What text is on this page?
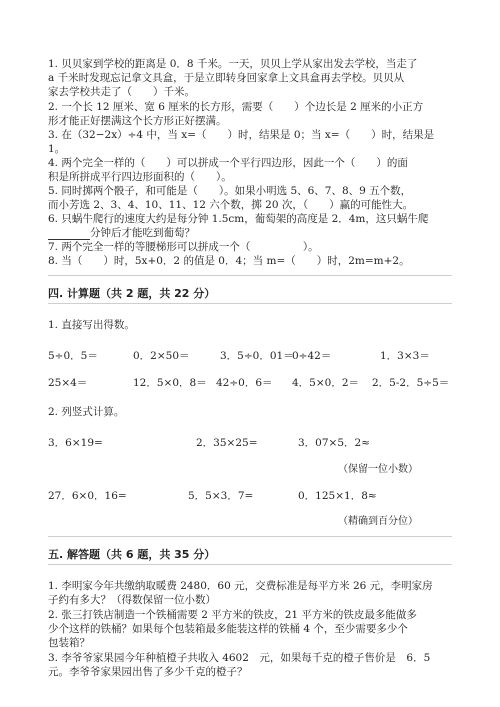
1. 贝贝家到学校的距离是 0．8 千米。一天，贝贝上学从家出发去学校，当走了
a 千米时发现忘记拿文具盒，于是立即转身回家拿上文具盒再去学校。贝贝从
家去学校共走了（　　）千米。
2. 一个长 12 厘米、宽 6 厘米的长方形，需要（　　）个边长是 2 厘米的小正方
形才能正好摆满这个长方形正好摆满。
3. 在（32−2x）÷4 中，当 x=（　　）时，结果是 0；当 x=（　　）时，结果是
1。
4. 两个完全一样的（　　）可以拼成一个平行四边形，因此一个（　　）的面
积是所拼成平行四边形面积的（　　）。
5. 同时掷两个骰子，和可能是（　　）。如果小明选 5、6、7、8、9 五个数，
而小芳选 2、3、4、10、11、12 六个数，掷 20 次，（　　）赢的可能性大。
6. 只蜗牛爬行的速度大约是每分钟 1.5cm，葡萄架的高度是 2．4m，这只蜗牛爬
　　　　分钟后才能吃到葡萄？
7. 两个完全一样的等腰梯形可以拼成一个（　　　　　）。
8. 当（　　）时，5x+0．2 的值是 0．4；当 m=（　　）时，2m=m+2。
四. 计算题（共 2 题，共 22 分）
1. 直接写出得数。
5÷0．5＝	0．2×50＝	3．5÷0．01＝
0÷42＝	1．3×3＝
25×4＝	12．5×0．8＝ 42÷0．6＝ 4．5×0．2＝ 2．5-2．5÷5＝
2. 列竖式计算。
3．6×19=	2．35×25=	3．07×5．2≈
（保留一位小数）
27．6×0．16=	5．5×3．7=	0．125×1．8≈
（精确到百分位）
五. 解答题（共 6 题，共 35 分）
1. 李明家今年共缴纳取暖费 2480．60 元，交费标准是每平方米 26 元，李明家房
子约有多大？（得数保留一位小数）
2. 张三打铁店制造一个铁桶需要 2 平方米的铁皮，21 平方米的铁皮最多能做多
少个这样的铁桶？如果每个包装箱最多能装这样的铁桶 4 个，至少需要多少个
包装箱？
3. 李爷爷家果园今年种植橙子共收入 4602　元，如果每千克的橙子售价是　6．5
元。李爷爷家果园出售了多少千克的橙子？
